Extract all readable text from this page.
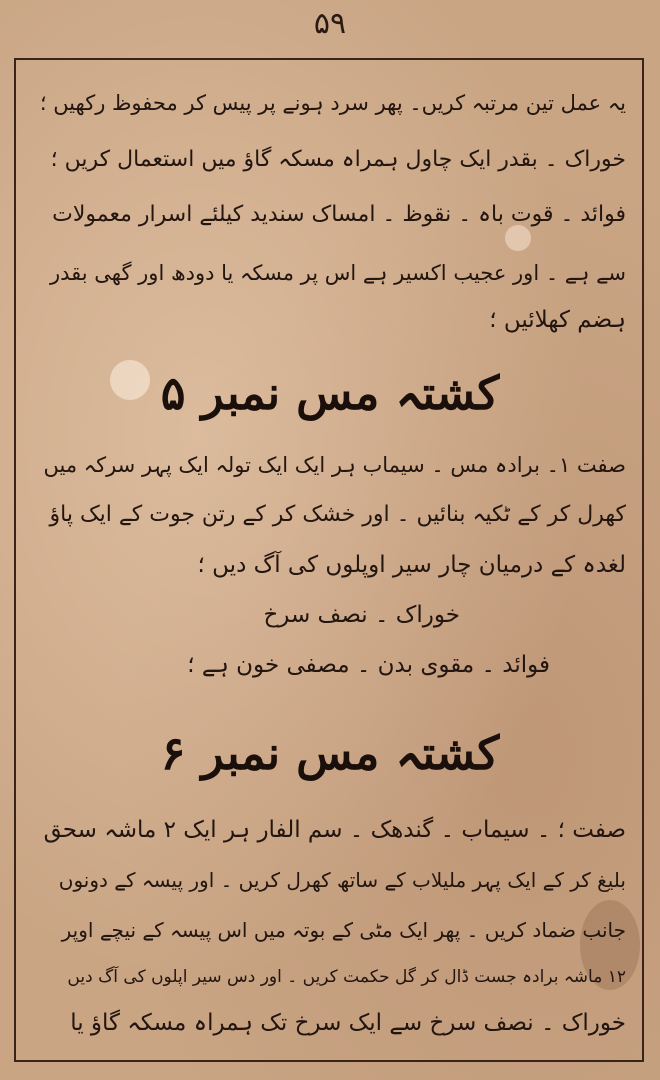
۵۹
یہ عمل تین مرتبہ کریں۔ پھر سرد ہونے پر پیس کر محفوظ رکھیں ؛
خوراک ۔ بقدر ایک چاول ہمراہ مسکہ گاؤ میں استعمال کریں ؛
فوائد ۔ قوت باہ ۔ نقوظ ۔ امساک سندید کیلئے اسرار معمولات
سے ہے ۔ اور عجیب اکسیر ہے اس پر مسکہ یا دودھ اور گھی بقدر
ہضم کھلائیں ؛
کشتہ مس نمبر ۵
صفت ۱۔ برادہ مس ۔ سیماب ہر ایک ایک تولہ ایک پہر سرکہ میں
کھرل کر کے ٹکیہ بنائیں ۔ اور خشک کر کے رتن جوت کے ایک پاؤ
لغدہ کے درمیان چار سیر اوپلوں کی آگ دیں ؛
خوراک ۔ نصف سرخ
فوائد ۔ مقوی بدن ۔ مصفی خون ہے ؛
کشتہ مس نمبر ۶
صفت ؛ ۔ سیماب ۔ گندھک ۔ سم الفار ہر ایک ۲ ماشہ سحق
بلیغ کر کے ایک پہر ملیلاب کے ساتھ کھرل کریں ۔ اور پیسہ کے دونوں
جانب ضماد کریں ۔ پھر ایک مٹی کے بوتہ میں اس پیسہ کے نیچے اوپر
۱۲ ماشہ برادہ جست ڈال کر گل حکمت کریں ۔ اور دس سیر اپلوں کی آگ دیں
خوراک ۔ نصف سرخ سے ایک سرخ تک ہمراہ مسکہ گاؤ یا
